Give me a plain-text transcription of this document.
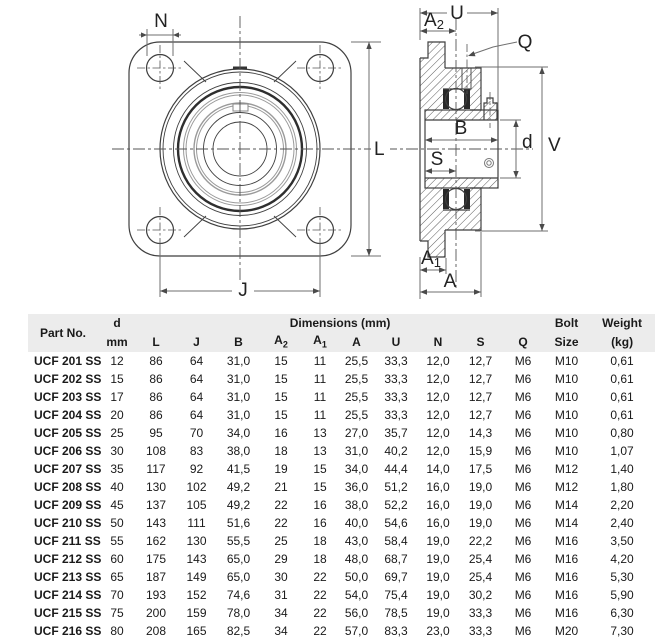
N
L
J
U
A2
Q
B
d V
S
A1
A
Part No.	d	Dimensions (mm)										Bolt	Weight
	mm	L	J	B	$A_2$	$A_1$	A	U	N	S	Q	Size	(kg)
UCF 201 SS	12	86	64	31,0	15	11	25,5	33,3	12,0	12,7	M6	M10	0,61
UCF 202 SS	15	86	64	31,0	15	11	25,5	33,3	12,0	12,7	M6	M10	0,61
UCF 203 SS	17	86	64	31,0	15	11	25,5	33,3	12,0	12,7	M6	M10	0,61
UCF 204 SS	20	86	64	31,0	15	11	25,5	33,3	12,0	12,7	M6	M10	0,61
UCF 205 SS	25	95	70	34,0	16	13	27,0	35,7	12,0	14,3	M6	M10	0,80
UCF 206 SS	30	108	83	38,0	18	13	31,0	40,2	12,0	15,9	M6	M10	1,07
UCF 207 SS	35	117	92	41,5	19	15	34,0	44,4	14,0	17,5	M6	M12	1,40
UCF 208 SS	40	130	102	49,2	21	15	36,0	51,2	16,0	19,0	M6	M12	1,80
UCF 209 SS	45	137	105	49,2	22	16	38,0	52,2	16,0	19,0	M6	M14	2,20
UCF 210 SS	50	143	111	51,6	22	16	40,0	54,6	16,0	19,0	M6	M14	2,40
UCF 211 SS	55	162	130	55,5	25	18	43,0	58,4	19,0	22,2	M6	M16	3,50
UCF 212 SS	60	175	143	65,0	29	18	48,0	68,7	19,0	25,4	M6	M16	4,20
UCF 213 SS	65	187	149	65,0	30	22	50,0	69,7	19,0	25,4	M6	M16	5,30
UCF 214 SS	70	193	152	74,6	31	22	54,0	75,4	19,0	30,2	M6	M16	5,90
UCF 215 SS	75	200	159	78,0	34	22	56,0	78,5	19,0	33,3	M6	M16	6,30
UCF 216 SS	80	208	165	82,5	34	22	57,0	83,3	23,0	33,3	M6	M20	7,30
